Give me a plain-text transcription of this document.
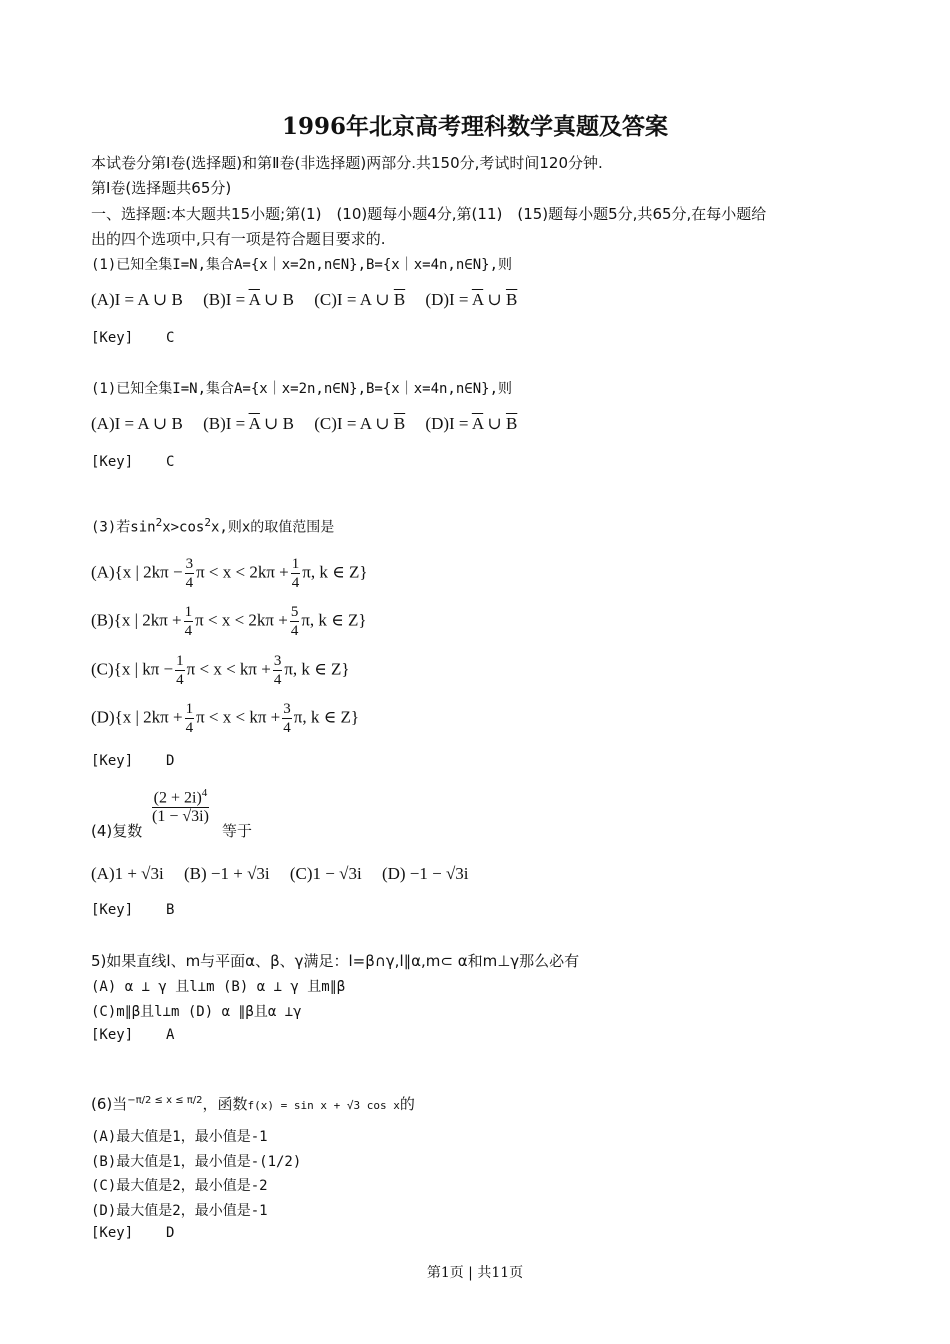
1996年北京高考理科数学真题及答案
本试卷分第Ⅰ卷(选择题)和第Ⅱ卷(非选择题)两部分.共150分,考试时间120分钟.
第Ⅰ卷(选择题共65分)
一、选择题:本大题共15小题;第(1)　(10)题每小题4分,第(11)　(15)题每小题5分,共65分,在每小题给
出的四个选项中,只有一项是符合题目要求的.
(1)已知全集I=N,集合A={x｜x=2n,n∈N},B={x｜x=4n,n∈N},则
(A)I = A ∪ B $(B)I = \overline{A}$ ∪ B (C)I = A ∪ $\overline{B}$ $(D)I = \overline{A}$ ∪ $\overline{B}$
[Key] C
(1)已知全集I=N,集合A={x｜x=2n,n∈N},B={x｜x=4n,n∈N},则
(A)I = A ∪ B $(B)I = \overline{A}$ ∪ B (C)I = A ∪ $\overline{B}$ $(D)I = \overline{A}$ ∪ $\overline{B}$
[Key] C
(3)若$\sin^2x>\cos^2x$,则x的取值范围是
(A){x | $2k\pi - \frac{3}{4}$ $\pi < x < 2k\pi + \frac{1}{4} \pi$, k ∈ Z}
(B){x | $2k\pi + \frac{1}{4}$ $\pi < x < 2k\pi + \frac{5}{4} \pi$, k ∈ Z}
(C){x | $k\pi - \frac{1}{4}$ $\pi < x < k\pi + \frac{3}{4} \pi$, k ∈ Z}
(D){x | $2k\pi + \frac{1}{4}$ $\pi < x < k\pi + \frac{3}{4} \pi$, k ∈ Z}
[Key] D
$\frac{(2 + 2i)^4}{(1 - √3i)}$
(4)复数	等于
(A)1 + √3i (B) −1 + √3i (C)1 − √3i (D) −1 − √3i
[Key] B
5)如果直线l、m与平面α、β、γ满足：l=β∩γ,l∥α,m⊂ α和m⊥γ那么必有
(A) α ⊥ γ 且l⊥m (B) α ⊥ γ 且m∥β
(C)m∥β且l⊥m (D) α ∥β且α ⊥γ
[Key] A
(6)当$^{-\pi/2 \le x \le \pi/2}$，函数f(x) = sin x + √3 cos x的
(A)最大值是1，最小值是-1
(B)最大值是1，最小值是-(1/2)
(C)最大值是2，最小值是-2
(D)最大值是2，最小值是-1
[Key] D
第1页 | 共11页
